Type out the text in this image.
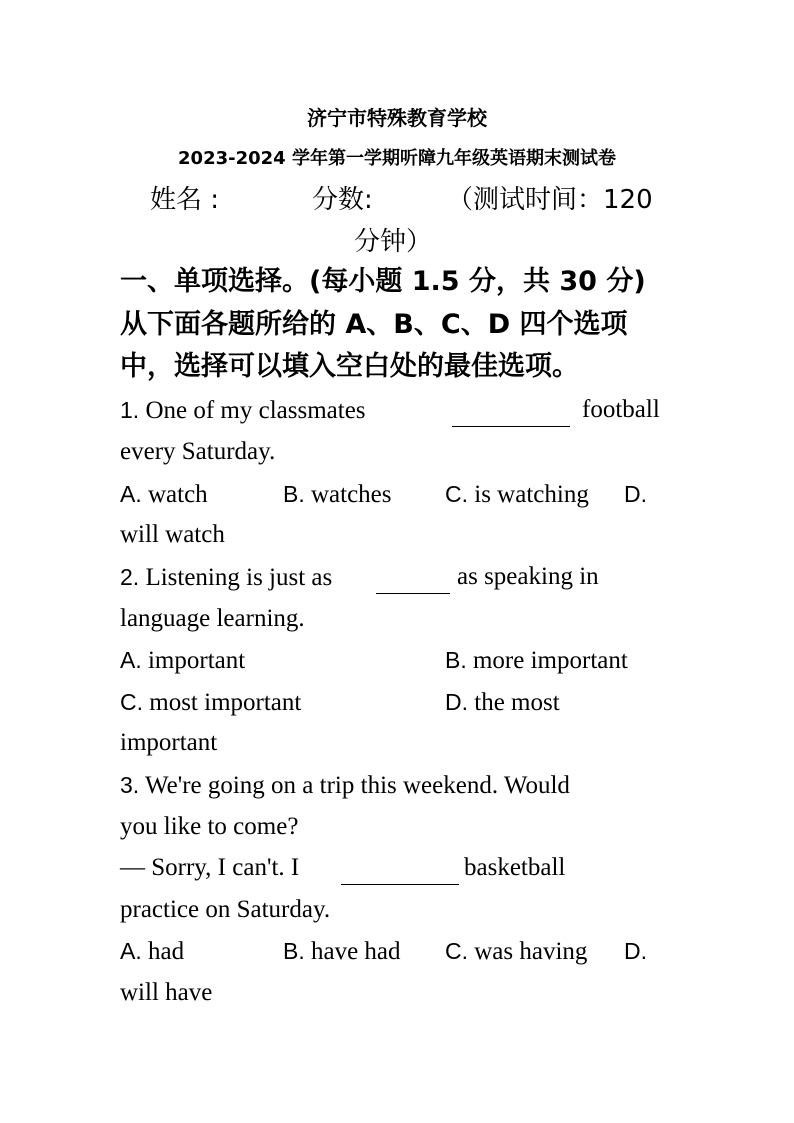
济宁市特殊教育学校
2023-2024 学年第一学期听障九年级英语期末测试卷
姓名 :	分数:	（测试时间：120
分钟）
一、单项选择。(每小题 1.5 分，共 30 分)
从下面各题所给的 A、B、C、D 四个选项
中，选择可以填入空白处的最佳选项。
1. One of my classmates	football
every Saturday.
A. watch	B. watches C. is watching D.
will watch
2. Listening is just as	as speaking in
language learning.
A. important	B. more important
C. most important	D. the most
important
3. We're going on a trip this weekend. Would
you like to come?
— Sorry, I can't. I	basketball
practice on Saturday.
A. had	B. have had C. was having D.
will have
